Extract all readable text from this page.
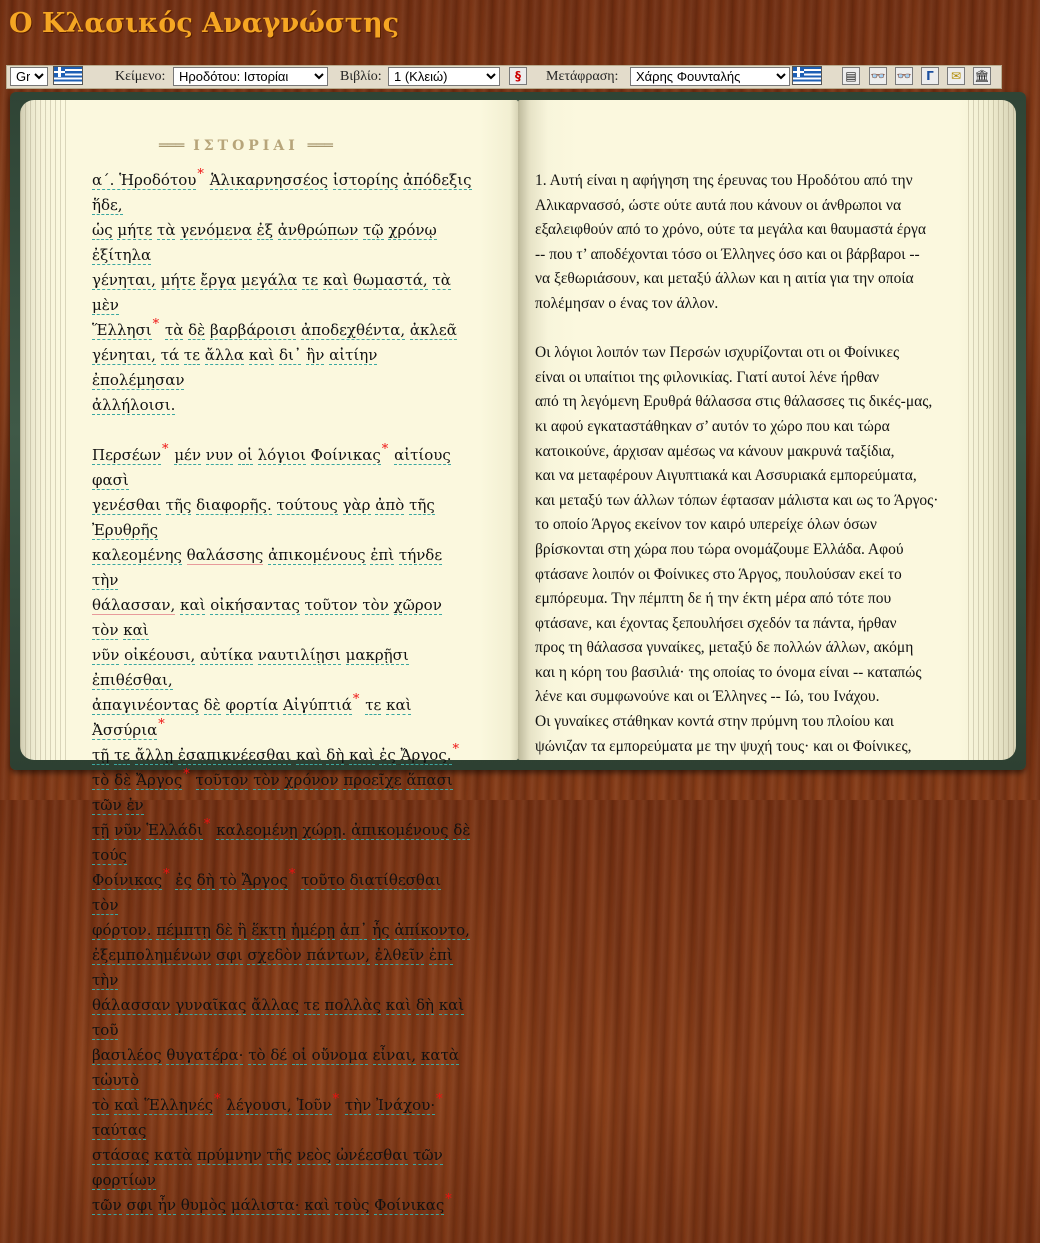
Ο Κλασικός Αναγνώστης
Gr
Κείμενο:
Ηροδότου: Ιστορίαι	Βιβλίο:
1 (Κλειώ)	§	Μετάφραση:
Χάρης Φουνταλής	▤ 👓 👓	Γ	✉	🏛
═══ ΙΣΤΟΡΙΑΙ ═══

α´. Ἡροδότου* Ἁλικαρνησσέος ἱστορίης ἀπόδεξις ἥδε,
ὡς μήτε τὰ γενόμενα ἐξ ἀνθρώπων τῷ χρόνῳ ἐξίτηλα
γένηται, μήτε ἔργα μεγάλα τε καὶ θωμαστά, τὰ μὲν
Ἕλλησι* τὰ δὲ βαρβάροισι ἀποδεχθέντα, ἀκλεᾶ
γένηται, τά τε ἄλλα καὶ δι᾽ ἣν αἰτίην ἐπολέμησαν
ἀλλήλοισι.

Περσέων* μέν νυν οἱ λόγιοι Φοίνικας* αἰτίους φασὶ
γενέσθαι τῆς διαφορῆς. τούτους γὰρ ἀπὸ τῆς Ἐρυθρῆς
καλεομένης θαλάσσης ἀπικομένους ἐπὶ τήνδε τὴν
θάλασσαν, καὶ οἰκήσαντας τοῦτον τὸν χῶρον τὸν καὶ
νῦν οἰκέουσι, αὐτίκα ναυτιλίῃσι μακρῇσι ἐπιθέσθαι,
ἀπαγινέοντας δὲ φορτία Αἰγύπτιά* τε καὶ Ἀσσύρια*
τῇ τε ἄλλῃ ἐσαπικνέεσθαι καὶ δὴ καὶ ἐς Ἄργος.*
τὸ δὲ Ἄργος* τοῦτον τὸν χρόνον προεῖχε ἅπασι τῶν ἐν
τῇ νῦν Ἑλλάδι* καλεομένῃ χώρῃ. ἀπικομένους δὲ τούς
Φοίνικας* ἐς δὴ τὸ Ἄργος* τοῦτο διατίθεσθαι τὸν
φόρτον. πέμπτῃ δὲ ἢ ἕκτῃ ἡμέρῃ ἀπ᾽ ἧς ἀπίκοντο,
ἐξεμπολημένων σφι σχεδὸν πάντων, ἐλθεῖν ἐπὶ τὴν
θάλασσαν γυναῖκας ἄλλας τε πολλὰς καὶ δὴ καὶ τοῦ
βασιλέος θυγατέρα· τὸ δέ οἱ οὔνομα εἶναι, κατὰ τὠυτὸ
τὸ καὶ Ἕλληνές* λέγουσι, Ἰοῦν* τὴν Ἰνάχου·* ταύτας
στάσας κατὰ πρύμνην τῆς νεὸς ὠνέεσθαι τῶν φορτίων
τῶν σφι ἦν θυμὸς μάλιστα· καὶ τοὺς Φοίνικας*

1. Αυτή είναι η αφήγηση της έρευνας του Ηροδότου από την
Αλικαρνασσό, ώστε ούτε αυτά που κάνουν οι άνθρωποι να
εξαλειφθούν από το χρόνο, ούτε τα μεγάλα και θαυμαστά έργα
-- που τ’ αποδέχονται τόσο οι Έλληνες όσο και οι βάρβαροι --
να ξεθωριάσουν, και μεταξύ άλλων και η αιτία για την οποία
πολέμησαν ο ένας τον άλλον.

Οι λόγιοι λοιπόν των Περσών ισχυρίζονται οτι οι Φοίνικες
είναι οι υπαίτιοι της φιλονικίας. Γιατί αυτοί λένε ήρθαν
από τη λεγόμενη Ερυθρά θάλασσα στις θάλασσες τις δικές-μας,
κι αφού εγκαταστάθηκαν σ’ αυτόν το χώρο που και τώρα
κατοικούνε, άρχισαν αμέσως να κάνουν μακρυνά ταξίδια,
και να μεταφέρουν Αιγυπτιακά και Ασσυριακά εμπορεύματα,
και μεταξύ των άλλων τόπων έφτασαν μάλιστα και ως το Άργος·
το οποίο Άργος εκείνον τον καιρό υπερείχε όλων όσων
βρίσκονται στη χώρα που τώρα ονομάζουμε Ελλάδα. Αφού
φτάσανε λοιπόν οι Φοίνικες στο Άργος, πουλούσαν εκεί το
εμπόρευμα. Την πέμπτη δε ή την έκτη μέρα από τότε που
φτάσανε, και έχοντας ξεπουλήσει σχεδόν τα πάντα, ήρθαν
προς τη θάλασσα γυναίκες, μεταξύ δε πολλών άλλων, ακόμη
και η κόρη του βασιλιά· της οποίας το όνομα είναι -- καταπώς
λένε και συμφωνούνε και οι Έλληνες -- Ιώ, του Ινάχου.
Οι γυναίκες στάθηκαν κοντά στην πρύμνη του πλοίου και
ψώνιζαν τα εμπορεύματα με την ψυχή τους· και οι Φοίνικες,
